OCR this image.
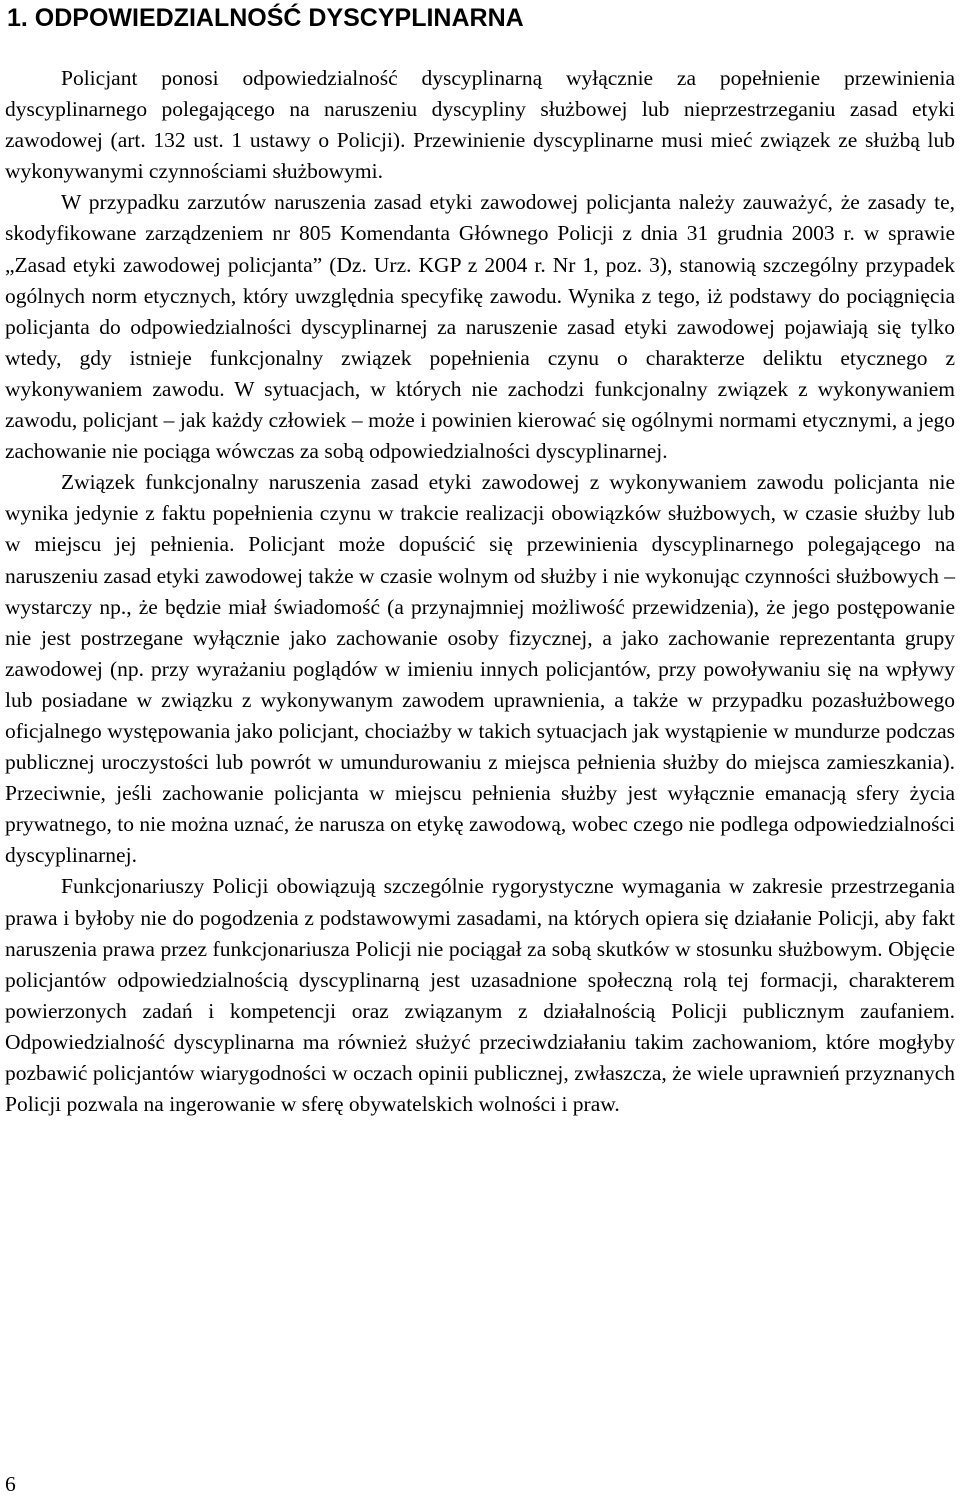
1. ODPOWIEDZIALNOŚĆ DYSCYPLINARNA

Policjant ponosi odpowiedzialność dyscyplinarną wyłącznie za popełnienie przewinienia dyscyplinarnego polegającego na naruszeniu dyscypliny służbowej lub nieprzestrzeganiu zasad etyki zawodowej (art. 132 ust. 1 ustawy o Policji). Przewinienie dyscyplinarne musi mieć związek ze służbą lub wykonywanymi czynnościami służbowymi.

W przypadku zarzutów naruszenia zasad etyki zawodowej policjanta należy zauważyć, że zasady te, skodyfikowane zarządzeniem nr 805 Komendanta Głównego Policji z dnia 31 grudnia 2003 r. w sprawie „Zasad etyki zawodowej policjanta” (Dz. Urz. KGP z 2004 r. Nr 1, poz. 3), stanowią szczególny przypadek ogólnych norm etycznych, który uwzględnia specyfikę zawodu. Wynika z tego, iż podstawy do pociągnięcia policjanta do odpowiedzialności dyscyplinarnej za naruszenie zasad etyki zawodowej pojawiają się tylko wtedy, gdy istnieje funkcjonalny związek popełnienia czynu o charakterze deliktu etycznego z wykonywaniem zawodu. W sytuacjach, w których nie zachodzi funkcjonalny związek z wykonywaniem zawodu, policjant – jak każdy człowiek – może i powinien kierować się ogólnymi normami etycznymi, a jego zachowanie nie pociąga wówczas za sobą odpowiedzialności dyscyplinarnej.

Związek funkcjonalny naruszenia zasad etyki zawodowej z wykonywaniem zawodu policjanta nie wynika jedynie z faktu popełnienia czynu w trakcie realizacji obowiązków służbowych, w czasie służby lub w miejscu jej pełnienia. Policjant może dopuścić się przewinienia dyscyplinarnego polegającego na naruszeniu zasad etyki zawodowej także w czasie wolnym od służby i nie wykonując czynności służbowych – wystarczy np., że będzie miał świadomość (a przynajmniej możliwość przewidzenia), że jego postępowanie nie jest postrzegane wyłącznie jako zachowanie osoby fizycznej, a jako zachowanie reprezentanta grupy zawodowej (np. przy wyrażaniu poglądów w imieniu innych policjantów, przy powoływaniu się na wpływy lub posiadane w związku z wykonywanym zawodem uprawnienia, a także w przypadku pozasłużbowego oficjalnego występowania jako policjant, chociażby w takich sytuacjach jak wystąpienie w mundurze podczas publicznej uroczystości lub powrót w umundurowaniu z miejsca pełnienia służby do miejsca zamieszkania). Przeciwnie, jeśli zachowanie policjanta w miejscu pełnienia służby jest wyłącznie emanacją sfery życia prywatnego, to nie można uznać, że narusza on etykę zawodową, wobec czego nie podlega odpowiedzialności dyscyplinarnej.

Funkcjonariuszy Policji obowiązują szczególnie rygorystyczne wymagania w zakresie przestrzegania prawa i byłoby nie do pogodzenia z podstawowymi zasadami, na których opiera się działanie Policji, aby fakt naruszenia prawa przez funkcjonariusza Policji nie pociągał za sobą skutków w stosunku służbowym. Objęcie policjantów odpowiedzialnością dyscyplinarną jest uzasadnione społeczną rolą tej formacji, charakterem powierzonych zadań i kompetencji oraz związanym z działalnością Policji publicznym zaufaniem. Odpowiedzialność dyscyplinarna ma również służyć przeciwdziałaniu takim zachowaniom, które mogłyby pozbawić policjantów wiarygodności w oczach opinii publicznej, zwłaszcza, że wiele uprawnień przyznanych Policji pozwala na ingerowanie w sferę obywatelskich wolności i praw.

6
